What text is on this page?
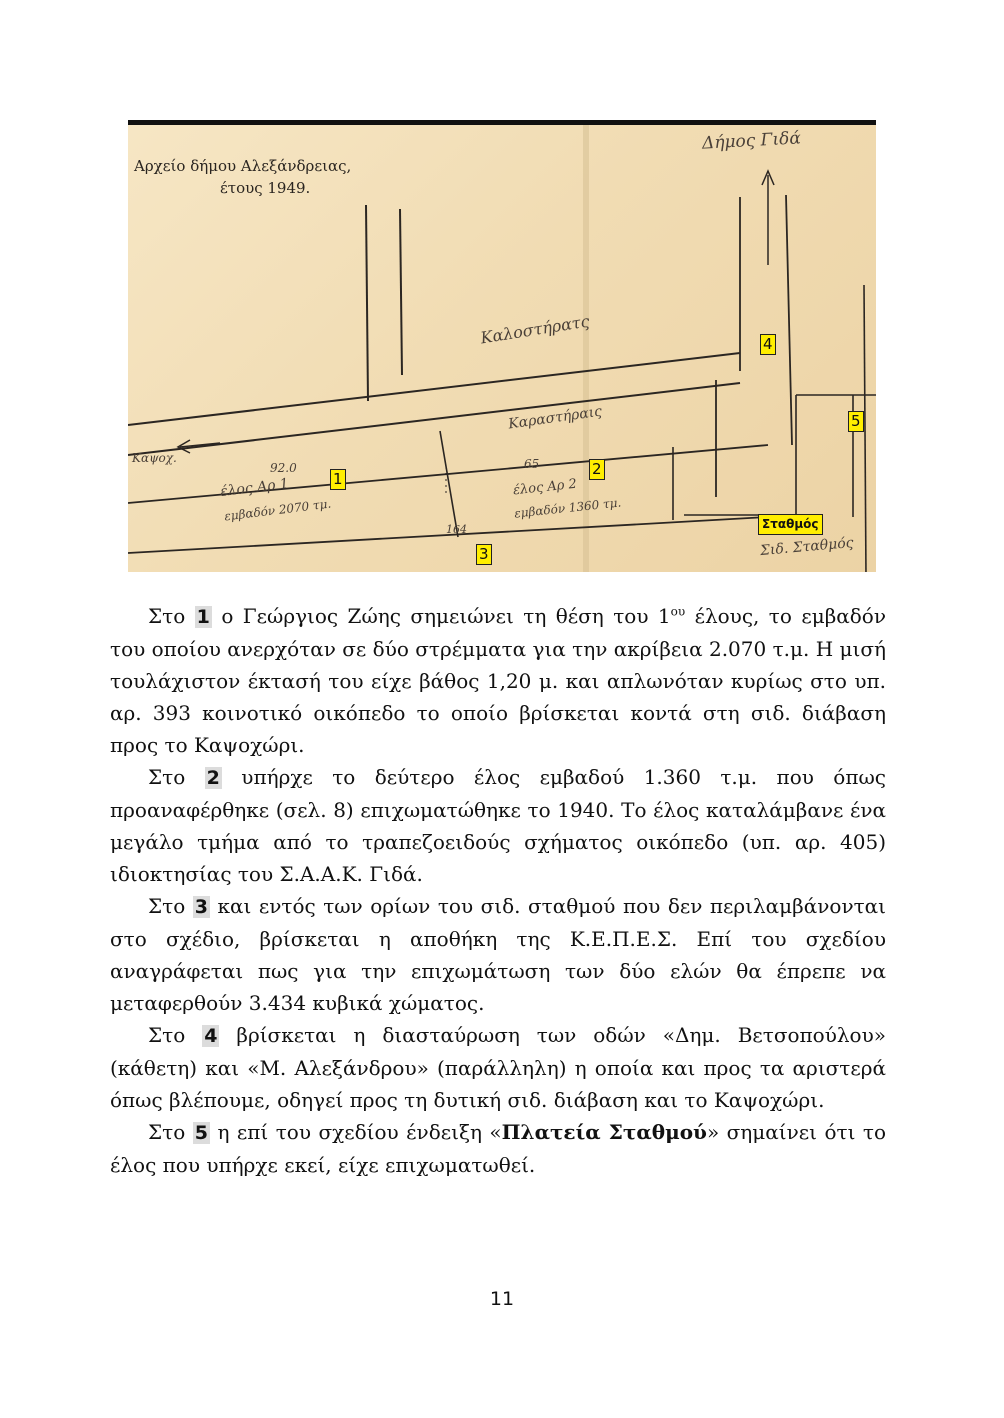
Αρχείο δήμου Αλεξάνδρειας,
έτους 1949.
Δήμος Γιδά
Καλοστήρατς
Καραστήραις
Καψοχ.
έλος Αρ 1
εμβαδόν 2070 τμ.
έλος Αρ 2
εμβαδόν 1360 τμ.
92.0	65
164
Σιδ. Σταθμός
1
2
3
4
5
Σταθμός

Στο 1 ο Γεώργιος Ζώης σημειώνει τη θέση του $1^{o\upsilon}$ έλους, το εμβαδόν του οποίου ανερχόταν σε δύο στρέμματα για την ακρίβεια 2.070 τ.μ. Η μισή τουλάχιστον έκτασή του είχε βάθος 1,20 μ. και απλωνόταν κυρίως στο υπ. αρ. 393 κοινοτικό οικόπεδο το οποίο βρίσκεται κοντά στη σιδ. διάβαση προς το Καψοχώρι.

Στο 2 υπήρχε το δεύτερο έλος εμβαδού 1.360 τ.μ. που όπως προαναφέρθηκε (σελ. 8) επιχωματώθηκε το 1940. Το έλος καταλάμβανε ένα μεγάλο τμήμα από το τραπεζοειδούς σχήματος οικόπεδο (υπ. αρ. 405) ιδιοκτησίας του Σ.Α.Α.Κ. Γιδά.

Στο 3 και εντός των ορίων του σιδ. σταθμού που δεν περιλαμβάνονται στο σχέδιο, βρίσκεται η αποθήκη της Κ.Ε.Π.Ε.Σ. Επί του σχεδίου αναγράφεται πως για την επιχωμάτωση των δύο ελών θα έπρεπε να μεταφερθούν 3.434 κυβικά χώματος.

Στο 4 βρίσκεται η διασταύρωση των οδών «Δημ. Βετσοπούλου» (κάθετη) και «Μ. Αλεξάνδρου» (παράλληλη) η οποία και προς τα αριστερά όπως βλέπουμε, οδηγεί προς τη δυτική σιδ. διάβαση και το Καψοχώρι.

Στο 5 η επί του σχεδίου ένδειξη «Πλατεία Σταθμού» σημαίνει ότι το έλος που υπήρχε εκεί, είχε επιχωματωθεί.

11
